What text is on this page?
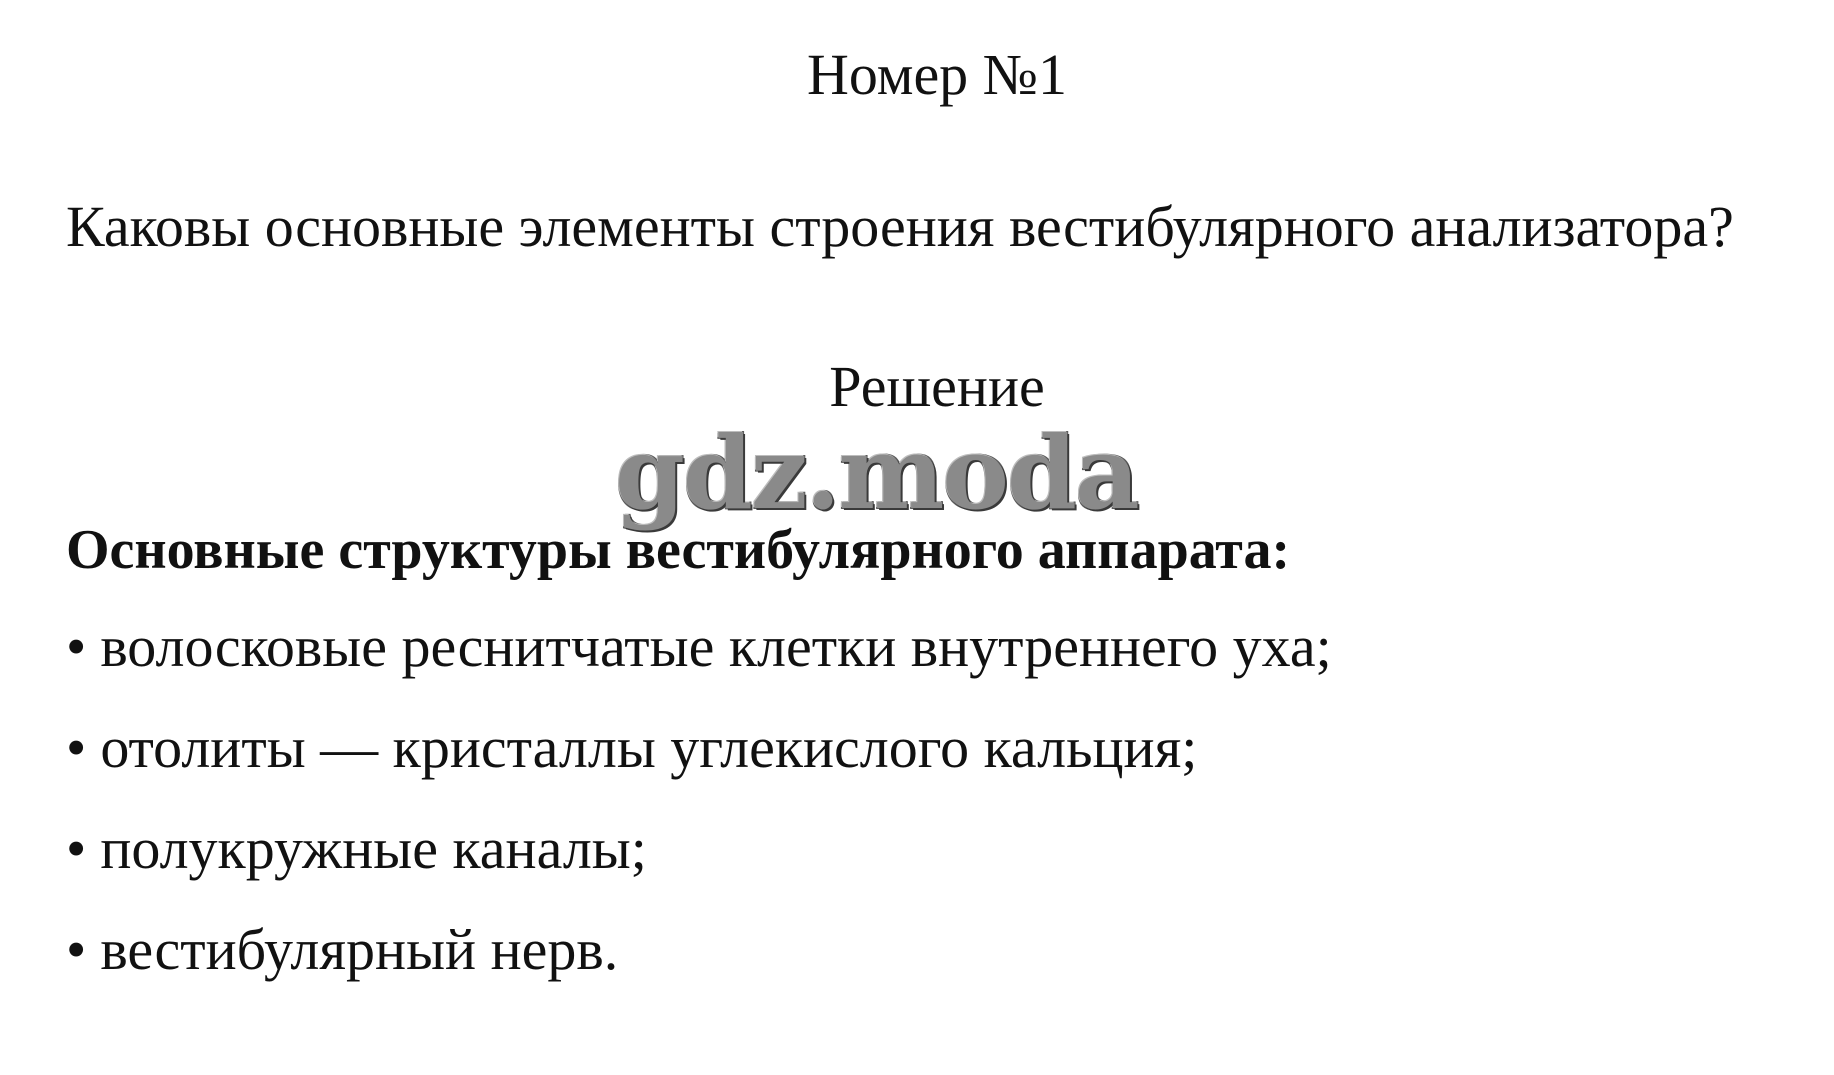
Номер №1
Каковы основные элементы строения вестибулярного анализатора?
Решение
gdz.moda
Основные структуры вестибулярного аппарата:
• волосковые реснитчатые клетки внутреннего уха;
• отолиты — кристаллы углекислого кальция;
• полукружные каналы;
• вестибулярный нерв.
